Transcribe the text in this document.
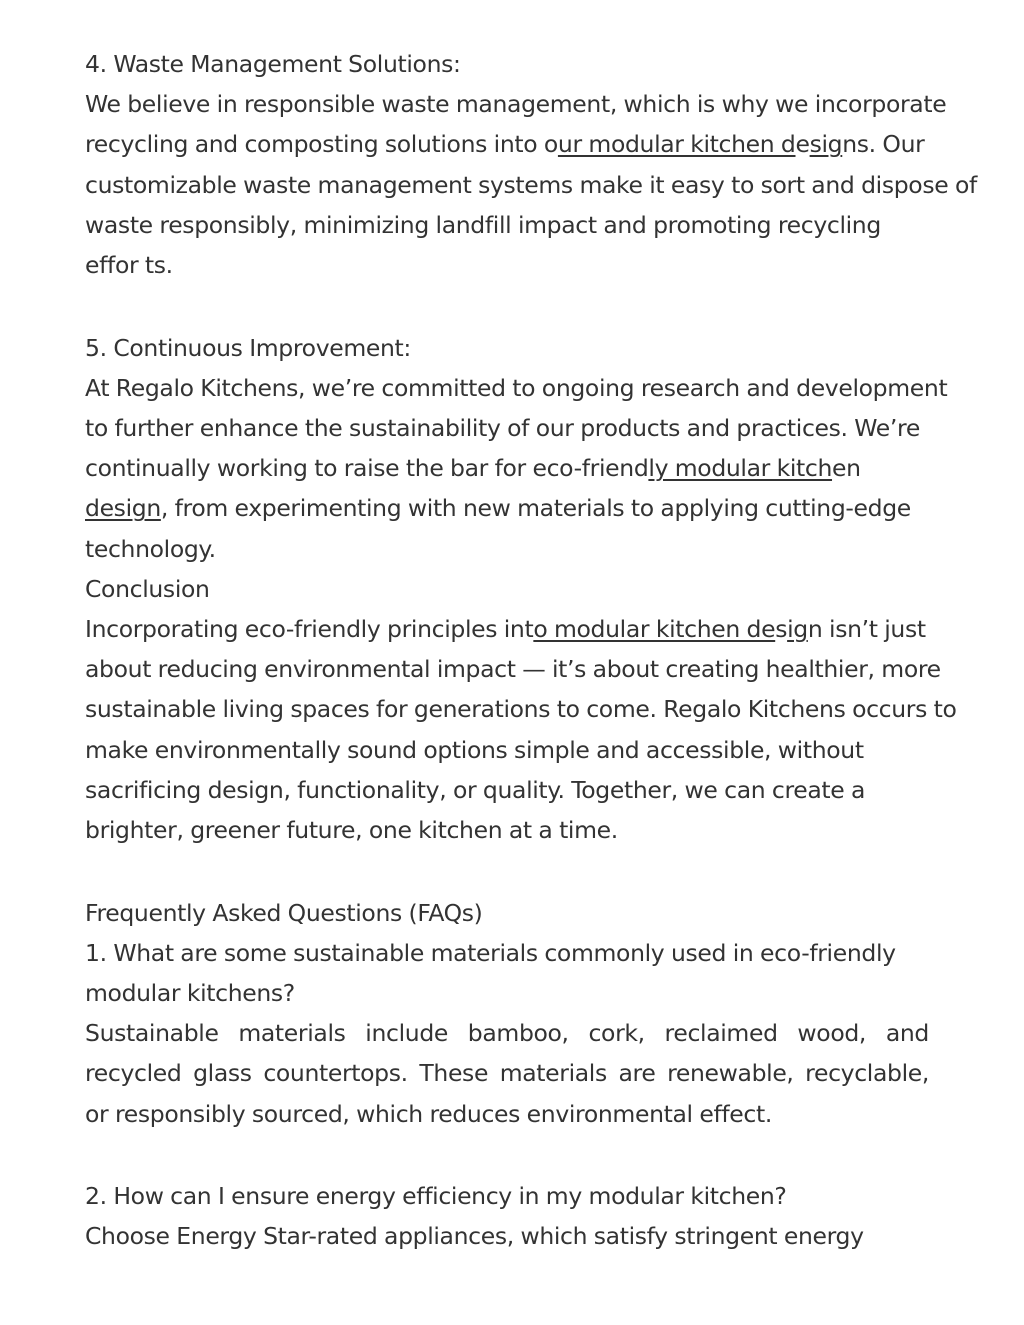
4. Waste Management Solutions:
We believe in responsible waste management, which is why we incorporate
recycling and composting solutions into our modular kitchen designs. Our
customizable waste management systems make it easy to sort and dispose of
waste responsibly, minimizing landfill impact and promoting recycling
effor ts.
5. Continuous Improvement:
At Regalo Kitchens, we’re committed to ongoing research and development
to further enhance the sustainability of our products and practices. We’re
continually working to raise the bar for eco-friendly modular kitchen
design, from experimenting with new materials to applying cutting-edge
technology.
Conclusion
Incorporating eco-friendly principles into modular kitchen design isn’t just
about reducing environmental impact — it’s about creating healthier, more
sustainable living spaces for generations to come. Regalo Kitchens occurs to
make environmentally sound options simple and accessible, without
sacrificing design, functionality, or quality. Together, we can create a
brighter, greener future, one kitchen at a time.
Frequently Asked Questions (FAQs)
1. What are some sustainable materials commonly used in eco-friendly
modular kitchens?
Sustainable materials include bamboo, cork, reclaimed wood, and
recycled glass countertops. These materials are renewable, recyclable,
or responsibly sourced, which reduces environmental effect.
2. How can I ensure energy efficiency in my modular kitchen?
Choose Energy Star-rated appliances, which satisfy stringent energy
